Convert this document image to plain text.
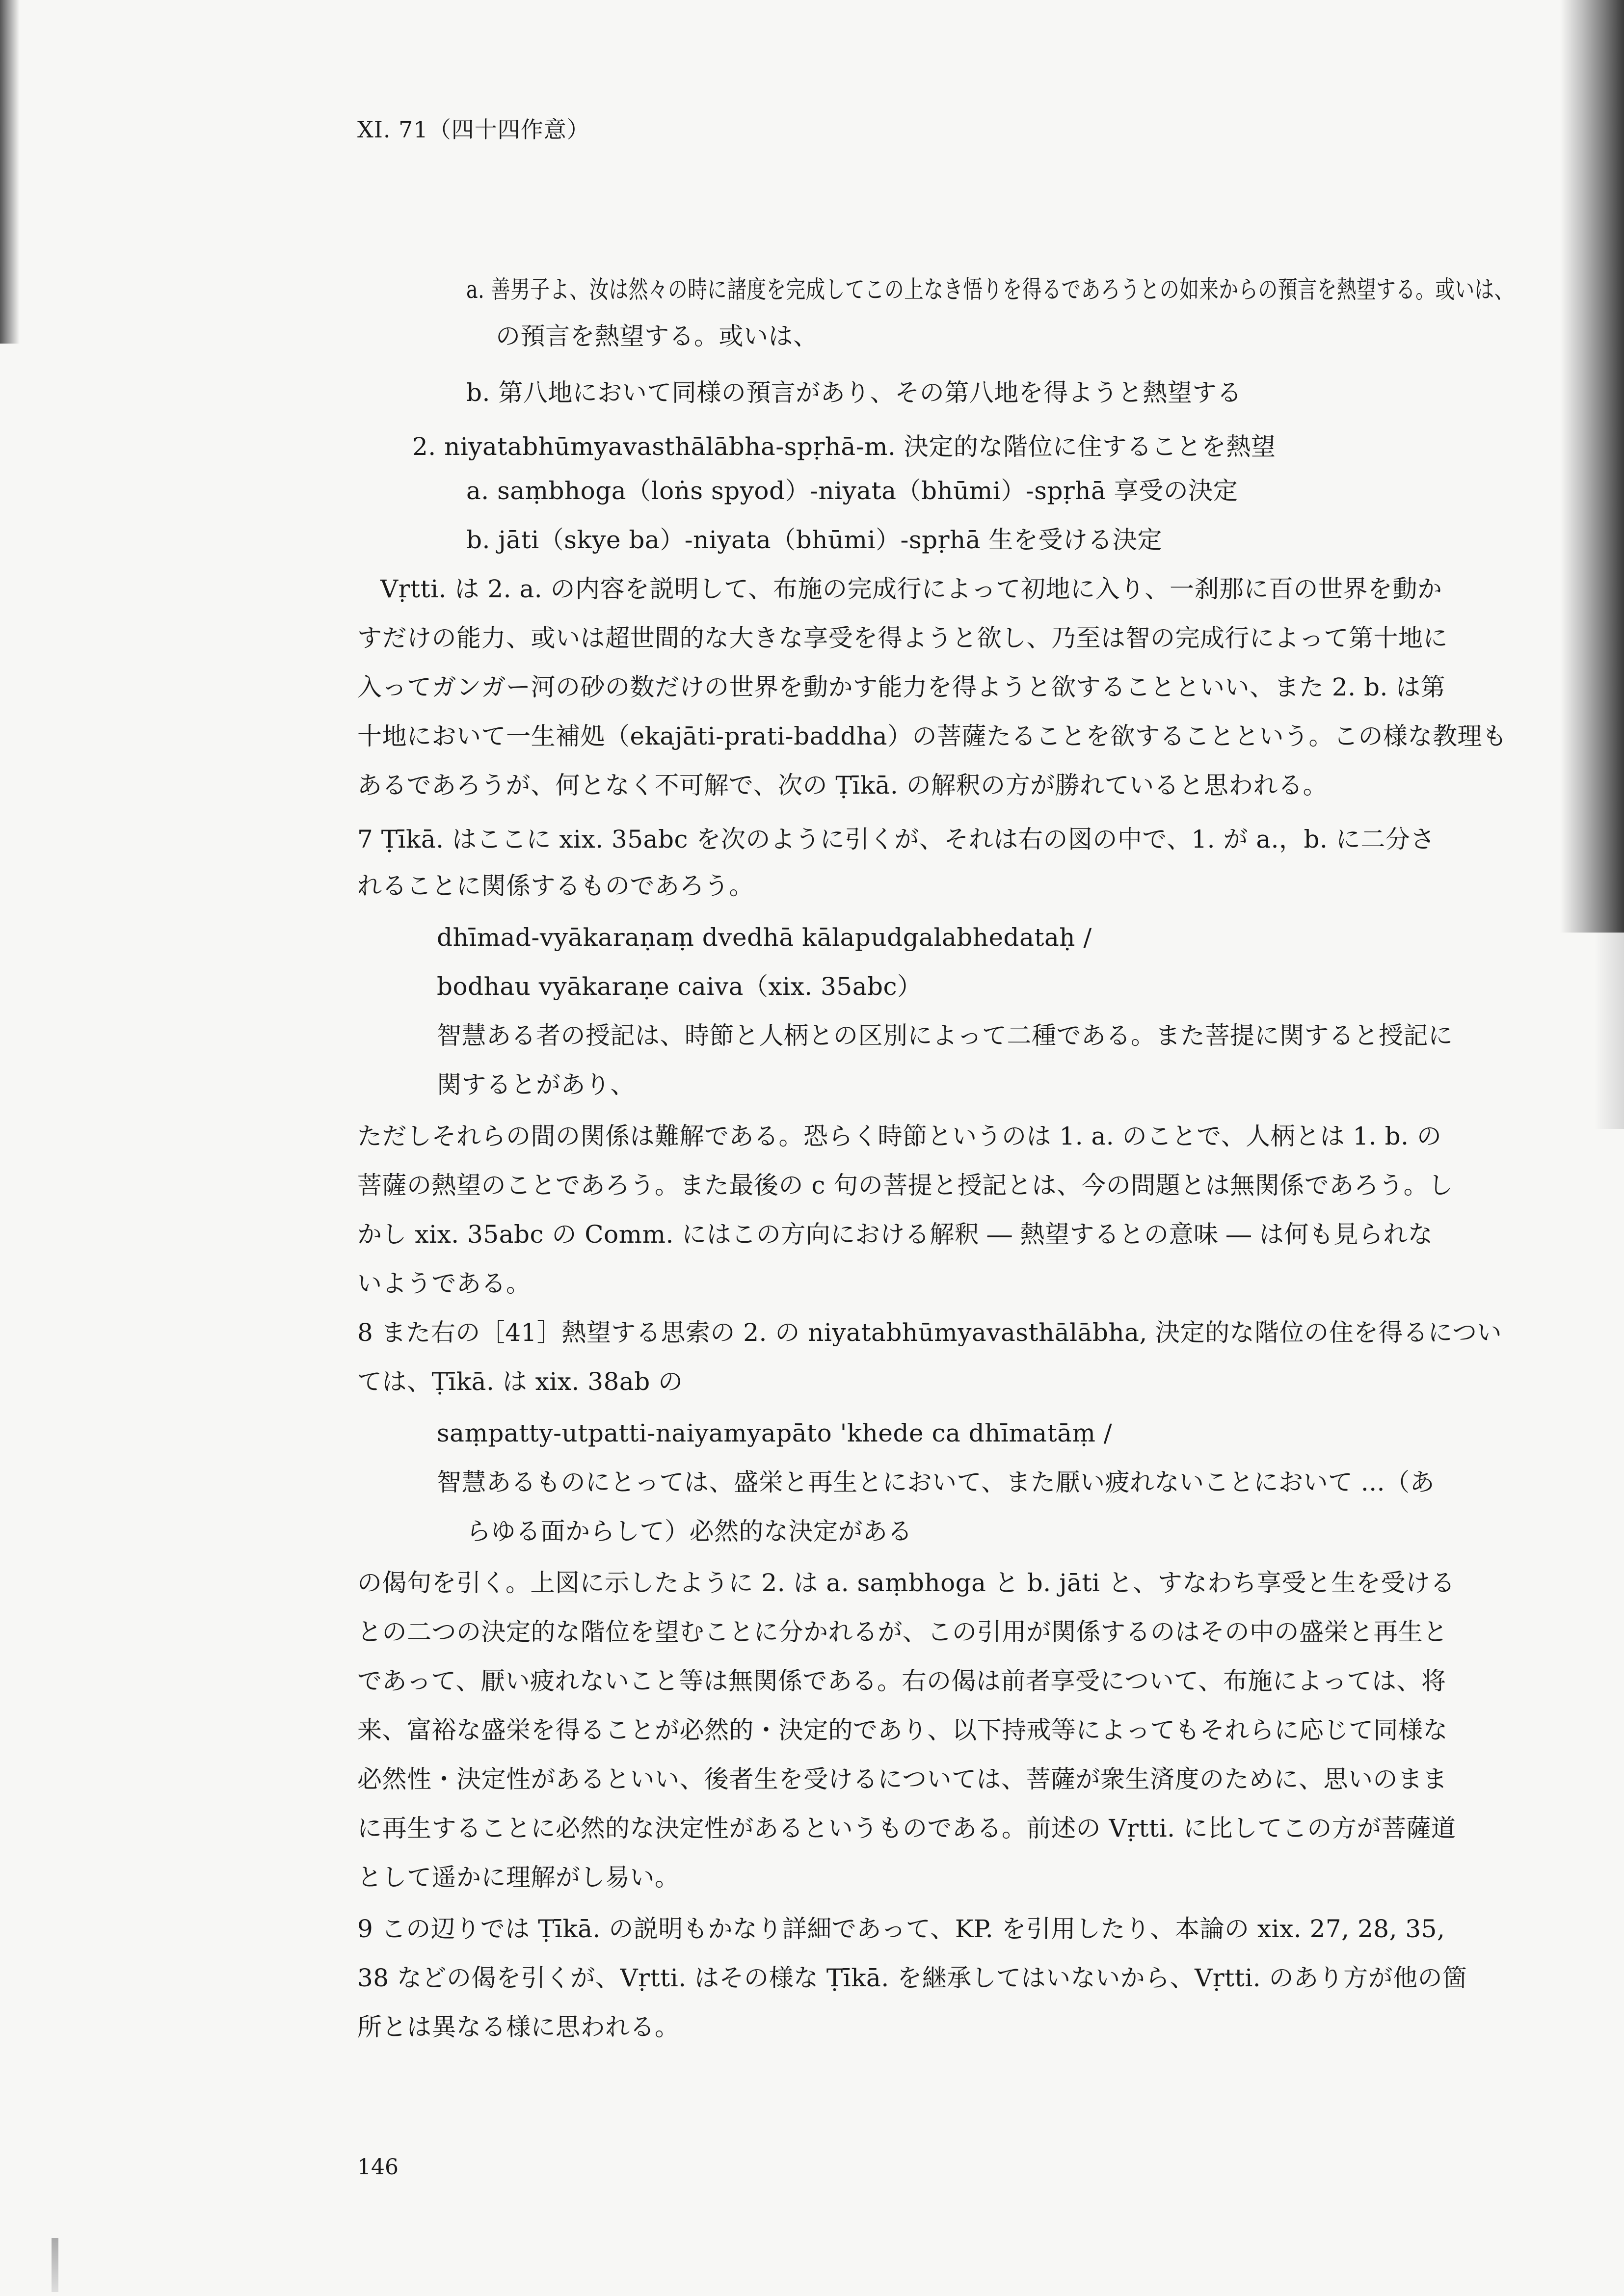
XI. 71（四十四作意）
a. 善男子よ、汝は然々の時に諸度を完成してこの上なき悟りを得るであろうとの如来からの預言を熱望する。或いは、
の預言を熱望する。或いは、
b. 第八地において同様の預言があり、その第八地を得ようと熱望する
2. niyatabhūmyavasthālābha-spṛhā-m. 決定的な階位に住することを熱望
a. saṃbhoga（loṅs spyod）-niyata（bhūmi）-spṛhā 享受の決定
b. jāti（skye ba）-niyata（bhūmi）-spṛhā 生を受ける決定
Vṛtti. は 2. a. の内容を説明して、布施の完成行によって初地に入り、一刹那に百の世界を動か
すだけの能力、或いは超世間的な大きな享受を得ようと欲し、乃至は智の完成行によって第十地に
入ってガンガー河の砂の数だけの世界を動かす能力を得ようと欲することといい、また 2. b. は第
十地において一生補処（ekajāti-prati-baddha）の菩薩たることを欲することという。この様な教理も
あるであろうが、何となく不可解で、次の Ṭīkā. の解釈の方が勝れていると思われる。
7 Ṭīkā. はここに xix. 35abc を次のように引くが、それは右の図の中で、1. が a.，b. に二分さ
れることに関係するものであろう。
dhīmad-vyākaraṇaṃ dvedhā kālapudgalabhedataḥ /
bodhau vyākaraṇe caiva（xix. 35abc）
智慧ある者の授記は、時節と人柄との区別によって二種である。また菩提に関すると授記に
関するとがあり、
ただしそれらの間の関係は難解である。恐らく時節というのは 1. a. のことで、人柄とは 1. b. の
菩薩の熱望のことであろう。また最後の c 句の菩提と授記とは、今の問題とは無関係であろう。し
かし xix. 35abc の Comm. にはこの方向における解釈 ― 熱望するとの意味 ― は何も見られな
いようである。
8 また右の［41］熱望する思索の 2. の niyatabhūmyavasthālābha, 決定的な階位の住を得るについ
ては、Ṭīkā. は xix. 38ab の
saṃpatty-utpatti-naiyamyapāto 'khede ca dhīmatāṃ /
智慧あるものにとっては、盛栄と再生とにおいて、また厭い疲れないことにおいて ...（あ
らゆる面からして）必然的な決定がある
の偈句を引く。上図に示したように 2. は a. saṃbhoga と b. jāti と、すなわち享受と生を受ける
との二つの決定的な階位を望むことに分かれるが、この引用が関係するのはその中の盛栄と再生と
であって、厭い疲れないこと等は無関係である。右の偈は前者享受について、布施によっては、将
来、富裕な盛栄を得ることが必然的・決定的であり、以下持戒等によってもそれらに応じて同様な
必然性・決定性があるといい、後者生を受けるについては、菩薩が衆生済度のために、思いのまま
に再生することに必然的な決定性があるというものである。前述の Vṛtti. に比してこの方が菩薩道
として遥かに理解がし易い。
9 この辺りでは Ṭīkā. の説明もかなり詳細であって、KP. を引用したり、本論の xix. 27, 28, 35,
38 などの偈を引くが、Vṛtti. はその様な Ṭīkā. を継承してはいないから、Vṛtti. のあり方が他の箇
所とは異なる様に思われる。
146
